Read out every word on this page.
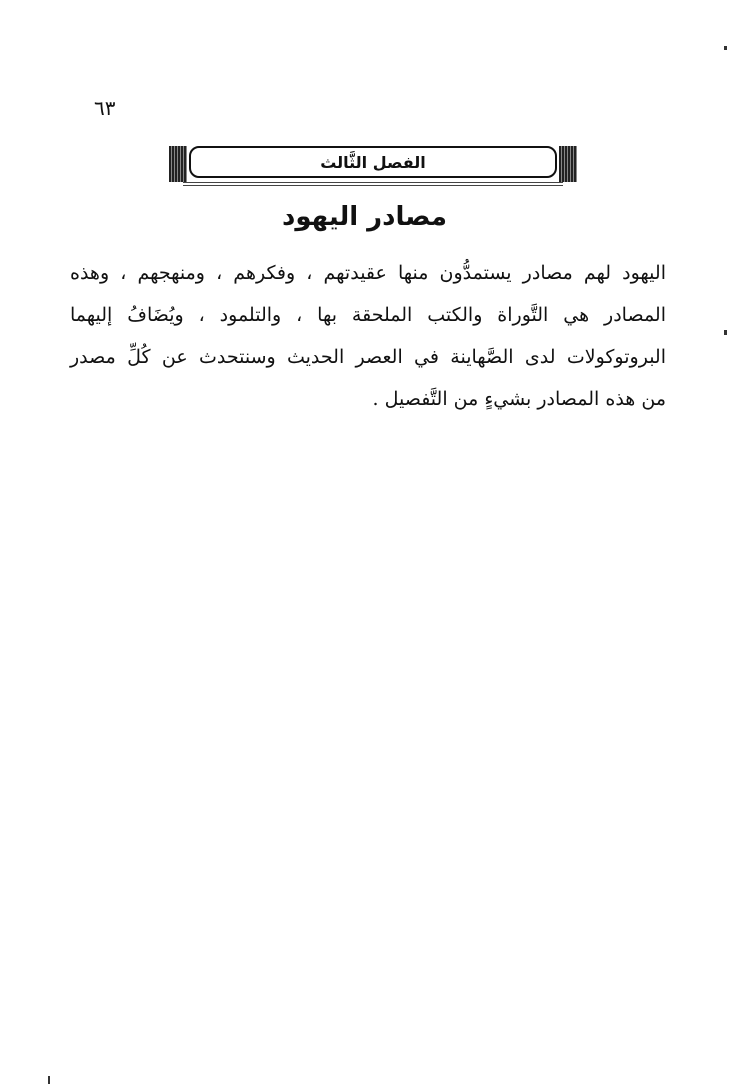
٦٣
الفصل الثَّالث
مصادر اليهود
اليهود لهم مصادر يستمدُّون منها عقيدتهم ، وفكرهم ، ومنهجهم ، وهذه
المصادر هي التَّوراة والكتب الملحقة بها ، والتلمود ، ويُضَافُ إليهما
البروتوكولات لدى الصَّهاينة في العصر الحديث وسنتحدث عن كُلِّ مصدر
من هذه المصادر بشيءٍ من التَّفصيل .
